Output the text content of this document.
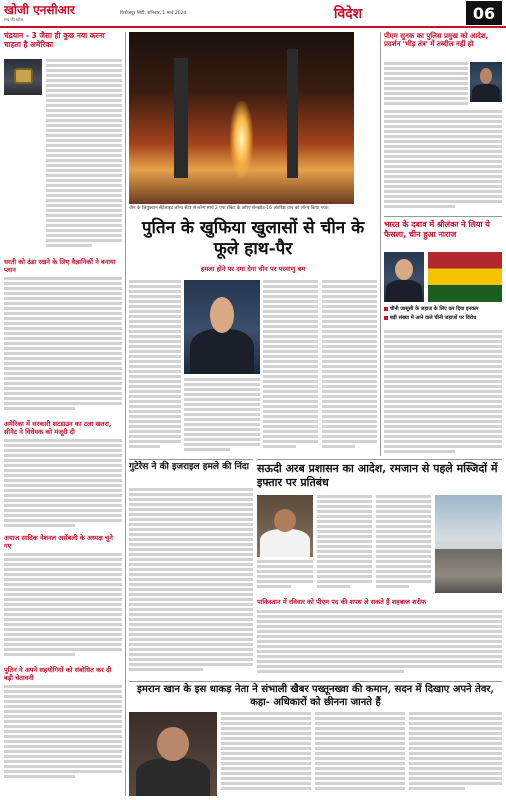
खोजी एनसीआर
सच की खोज
फिरोजपुर सिटी, शनिवार, 1 मार्च 2024	विदेश	06
चंद्रयान - 3 जैसा ही कुछ नया करना चाहता है अमेरिका
धरती को ठंडा रखने के लिए वैज्ञानिकों ने बनाया प्लान
अमेरिका में सरकारी शटडाउन का टला खतरा, सीनेट ने विधेयक को मंजूरी दी
अयाज सादिक नेशनल असेंबली के अध्यक्ष चुने गए
पुतिन ने अपने सहयोगियों को संबोधित कर दी बड़ी चेतावनी
चीन के जियुक्वान सैटेलाइट लॉन्च सेंटर से लॉन्ग मार्च 2 एफ रॉकेट के जरिए शेनझोउ-16 अंतरिक्ष यान को लॉन्च किया गया।
पुतिन के खुफिया खुलासों से चीन के फूले हाथ-पैर
हमला होने पर दगा देगा चीन पर परमाणु बम
गुटेरेस ने की इजराइल हमले की निंदा
पीएम सुनक का पुलिस प्रमुख को आदेश, प्रदर्शन 'भीड़ तंत्र' में तब्दील नहीं हो
भारत के दबाव में श्रीलंका ने लिया ये फैसला, चीन हुआ नाराज
चीनी जासूसी के जहाज के लिए कर दिया इनकार
बड़ी संख्या में आने वाले चीनी जहाजों पर विरोध
सऊदी अरब प्रशासन का आदेश, रमजान से पहले मस्जिदों में इफ्तार पर प्रतिबंध
पाकिस्तान में रविवार को पीएम पद की शपथ ले सकते हैं शहबाज शरीफ
इमरान खान के इस धाकड़ नेता ने संभाली खैबर पख्तूनख्वा की कमान, सदन में दिखाए अपने तेवर, कहा- अधिकारों को छीनना जानते हैं
